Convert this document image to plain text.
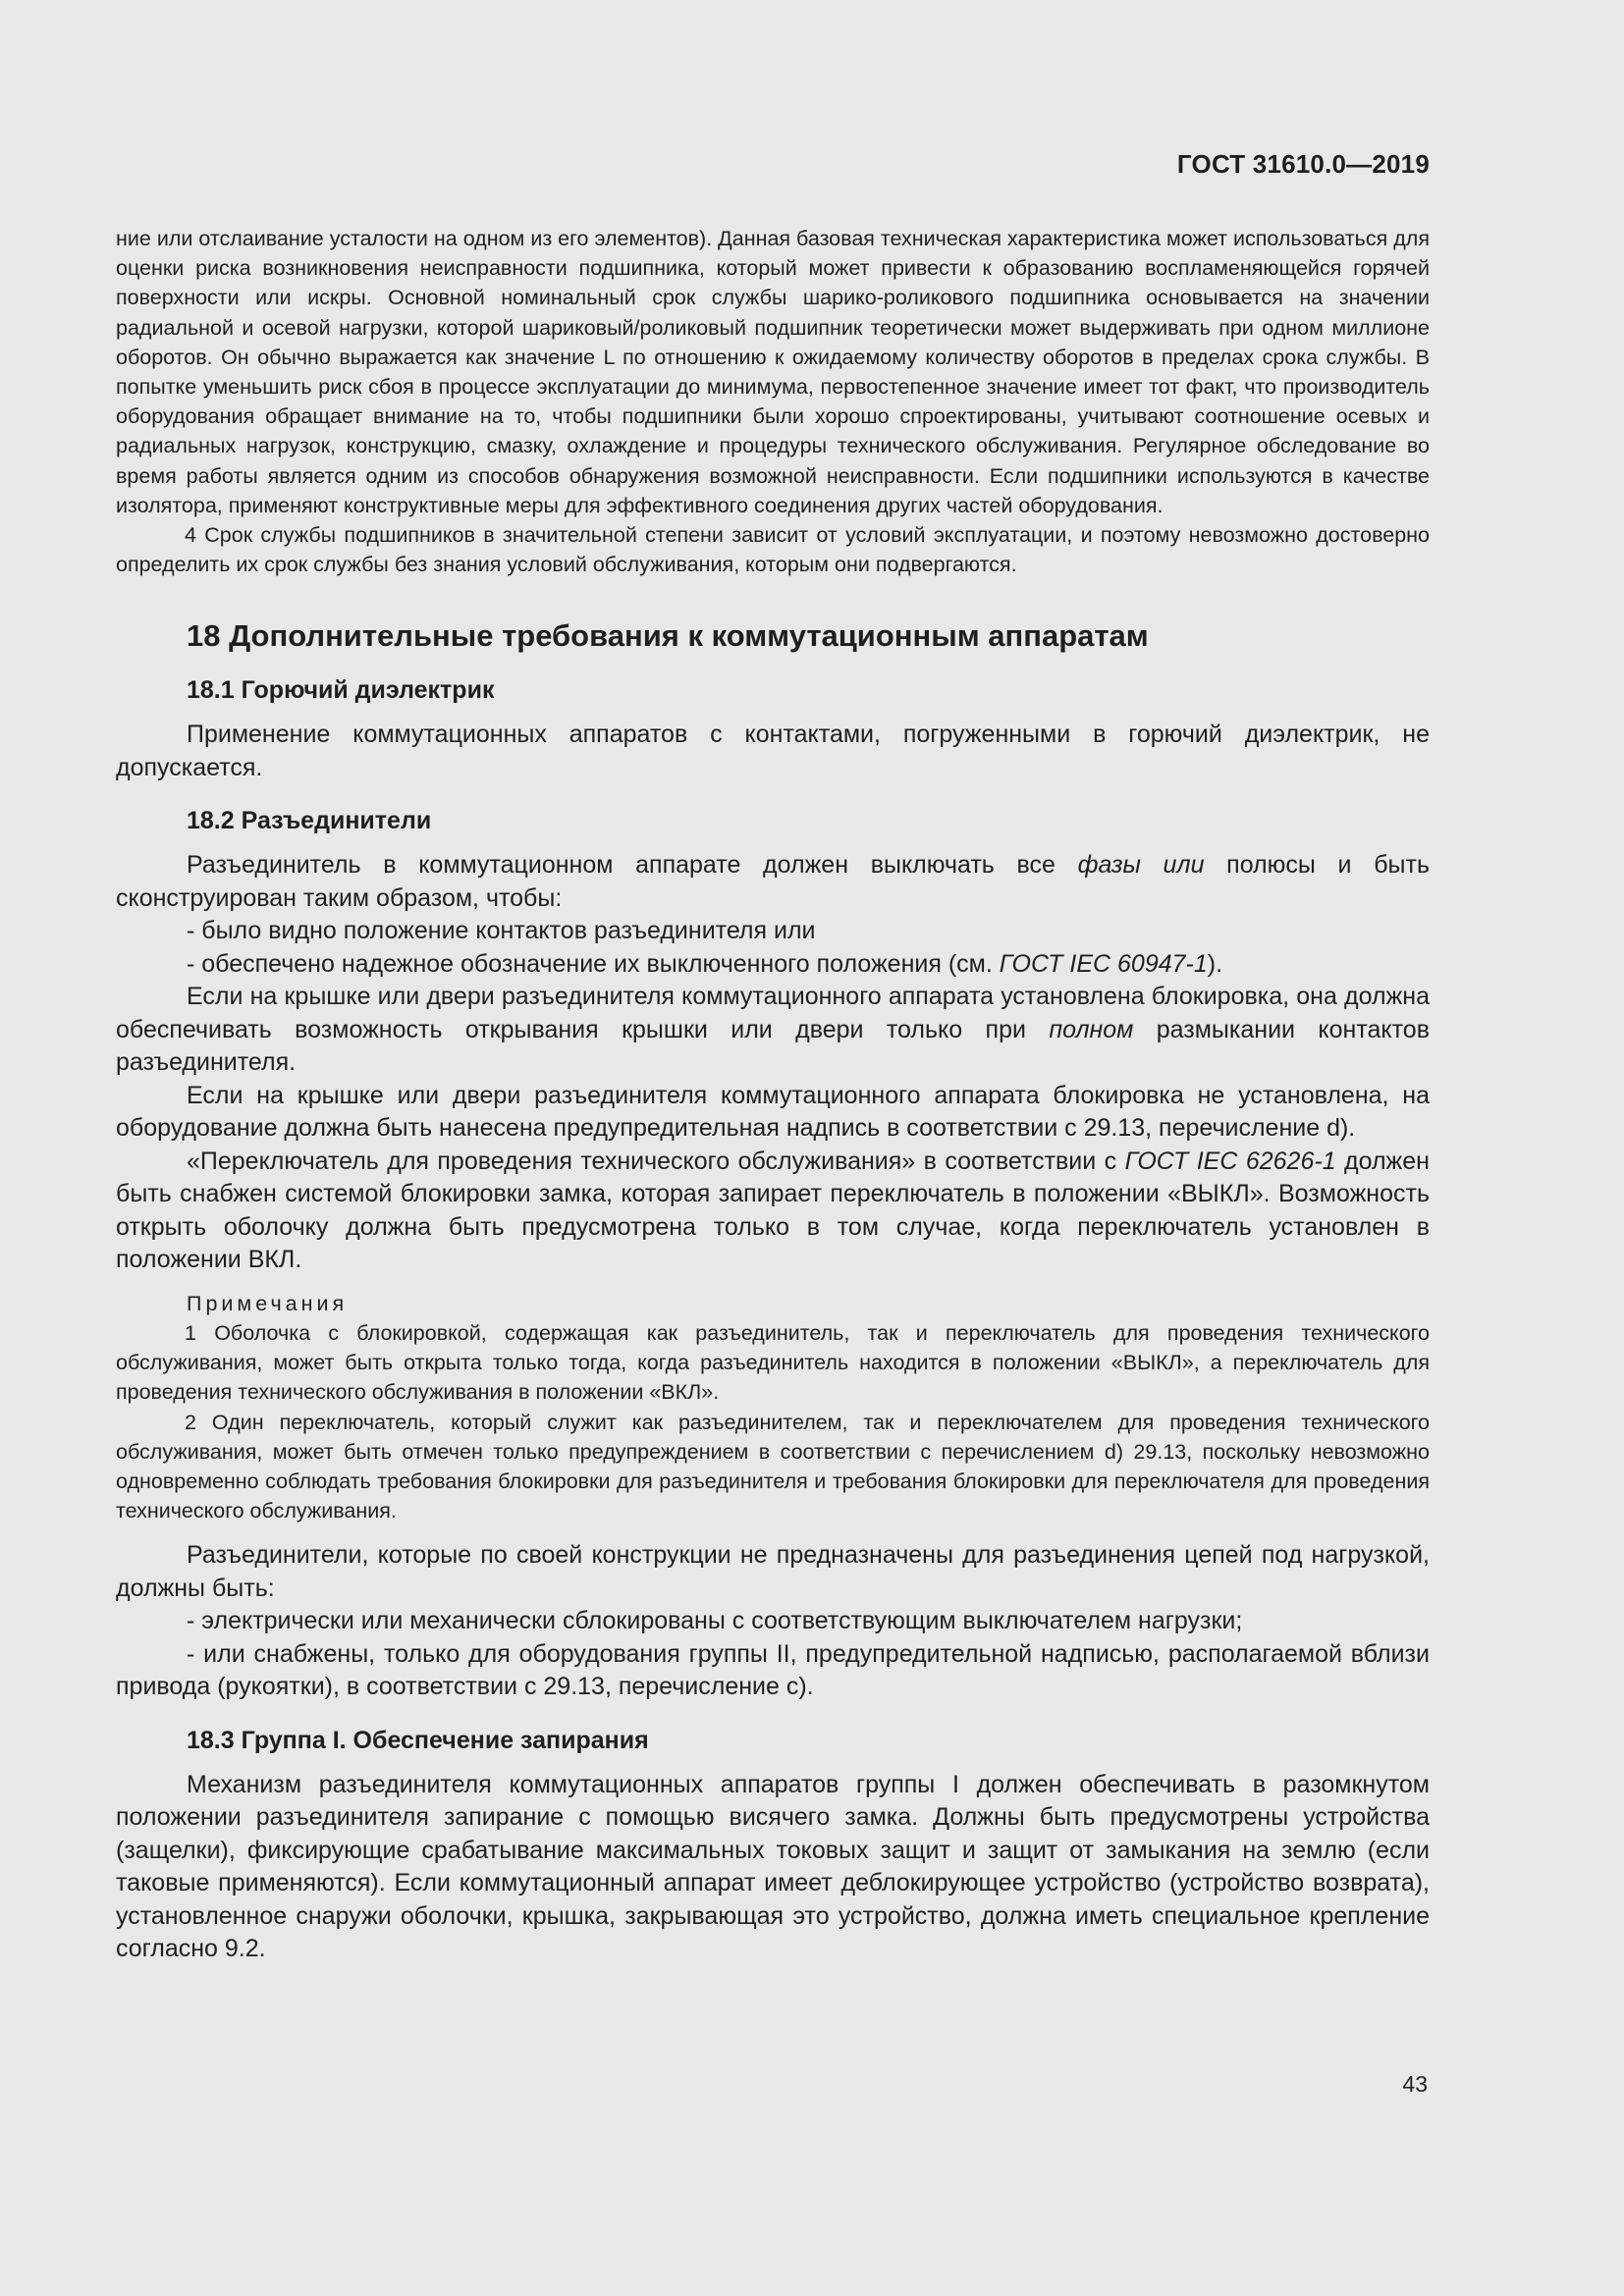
ГОСТ 31610.0—2019

ние или отслаивание усталости на одном из его элементов). Данная базовая техническая характеристика может использоваться для оценки риска возникновения неисправности подшипника, который может привести к образованию воспламеняющейся горячей поверхности или искры. Основной номинальный срок службы шарико-роликового подшипника основывается на значении радиальной и осевой нагрузки, которой шариковый/роликовый подшипник теоретически может выдерживать при одном миллионе оборотов. Он обычно выражается как значение L по отношению к ожидаемому количеству оборотов в пределах срока службы. В попытке уменьшить риск сбоя в процессе эксплуатации до минимума, первостепенное значение имеет тот факт, что производитель оборудования обращает внимание на то, чтобы подшипники были хорошо спроектированы, учитывают соотношение осевых и радиальных нагрузок, конструкцию, смазку, охлаждение и процедуры технического обслуживания. Регулярное обследование во время работы является одним из способов обнаружения возможной неисправности. Если подшипники используются в качестве изолятора, применяют конструктивные меры для эффективного соединения других частей оборудования.

4 Срок службы подшипников в значительной степени зависит от условий эксплуатации, и поэтому невозможно достоверно определить их срок службы без знания условий обслуживания, которым они подвергаются.

18 Дополнительные требования к коммутационным аппаратам
18.1 Горючий диэлектрик

Применение коммутационных аппаратов с контактами, погруженными в горючий диэлектрик, не допускается.

18.2 Разъединители

Разъединитель в коммутационном аппарате должен выключать все фазы или полюсы и быть сконструирован таким образом, чтобы:

- было видно положение контактов разъединителя или

- обеспечено надежное обозначение их выключенного положения (см. ГОСТ IEC 60947-1).

Если на крышке или двери разъединителя коммутационного аппарата установлена блокировка, она должна обеспечивать возможность открывания крышки или двери только при полном размыкании контактов разъединителя.

Если на крышке или двери разъединителя коммутационного аппарата блокировка не установлена, на оборудование должна быть нанесена предупредительная надпись в соответствии с 29.13, перечисление d).

«Переключатель для проведения технического обслуживания» в соответствии с ГОСТ IEC 62626-1 должен быть снабжен системой блокировки замка, которая запирает переключатель в положении «ВЫКЛ». Возможность открыть оболочку должна быть предусмотрена только в том случае, когда переключатель установлен в положении ВКЛ.

Примечания

1 Оболочка с блокировкой, содержащая как разъединитель, так и переключатель для проведения технического обслуживания, может быть открыта только тогда, когда разъединитель находится в положении «ВЫКЛ», а переключатель для проведения технического обслуживания в положении «ВКЛ».

2 Один переключатель, который служит как разъединителем, так и переключателем для проведения технического обслуживания, может быть отмечен только предупреждением в соответствии с перечислением d) 29.13, поскольку невозможно одновременно соблюдать требования блокировки для разъединителя и требования блокировки для переключателя для проведения технического обслуживания.

Разъединители, которые по своей конструкции не предназначены для разъединения цепей под нагрузкой, должны быть:

- электрически или механически сблокированы с соответствующим выключателем нагрузки;

- или снабжены, только для оборудования группы II, предупредительной надписью, располагаемой вблизи привода (рукоятки), в соответствии с 29.13, перечисление с).

18.3 Группа I. Обеспечение запирания

Механизм разъединителя коммутационных аппаратов группы I должен обеспечивать в разомкнутом положении разъединителя запирание с помощью висячего замка. Должны быть предусмотрены устройства (защелки), фиксирующие срабатывание максимальных токовых защит и защит от замыкания на землю (если таковые применяются). Если коммутационный аппарат имеет деблокирующее устройство (устройство возврата), установленное снаружи оболочки, крышка, закрывающая это устройство, должна иметь специальное крепление согласно 9.2.

43
